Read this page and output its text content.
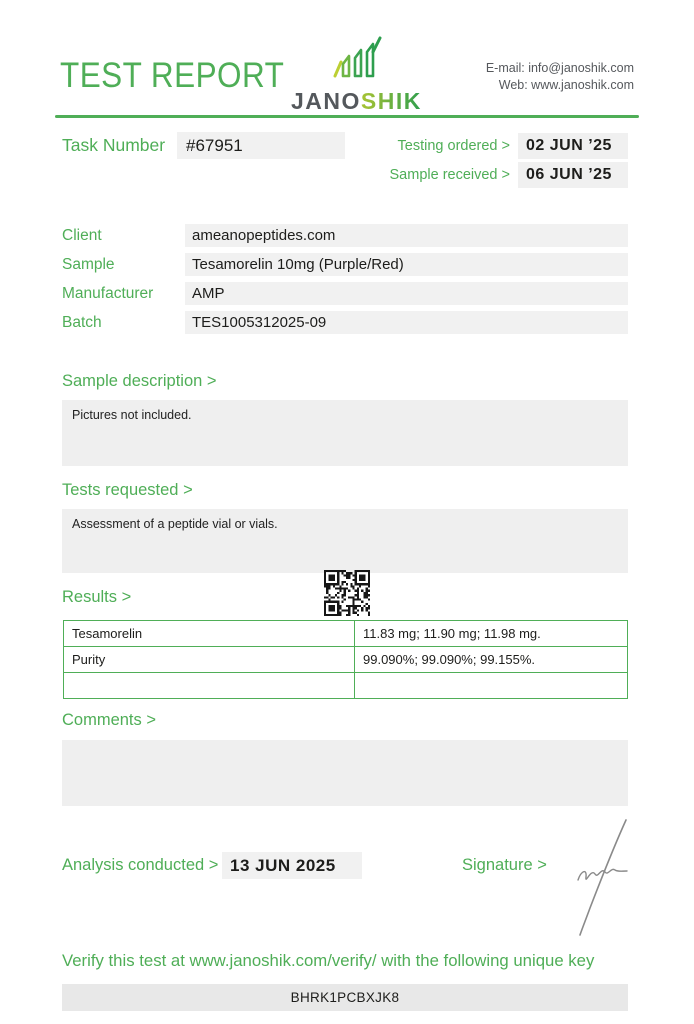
TEST REPORT
JANOSHIK
E-mail: info@janoshik.com
Web: www.janoshik.com
Task Number	#67951	Testing ordered >	02 JUN ’25
Sample received >	06 JUN ’25
Client	ameanopeptides.com
Sample	Tesamorelin 10mg (Purple/Red)
Manufacturer	AMP
Batch	TES1005312025-09
Sample description >
Pictures not included.
Tests requested >
Assessment of a peptide vial or vials.
Results >
Tesamorelin	11.83 mg; 11.90 mg; 11.98 mg.
Purity	99.090%; 99.090%; 99.155%.

Comments >
Analysis conducted > 13 JUN 2025	Signature >
Verify this test at www.janoshik.com/verify/ with the following unique key
BHRK1PCBXJK8
